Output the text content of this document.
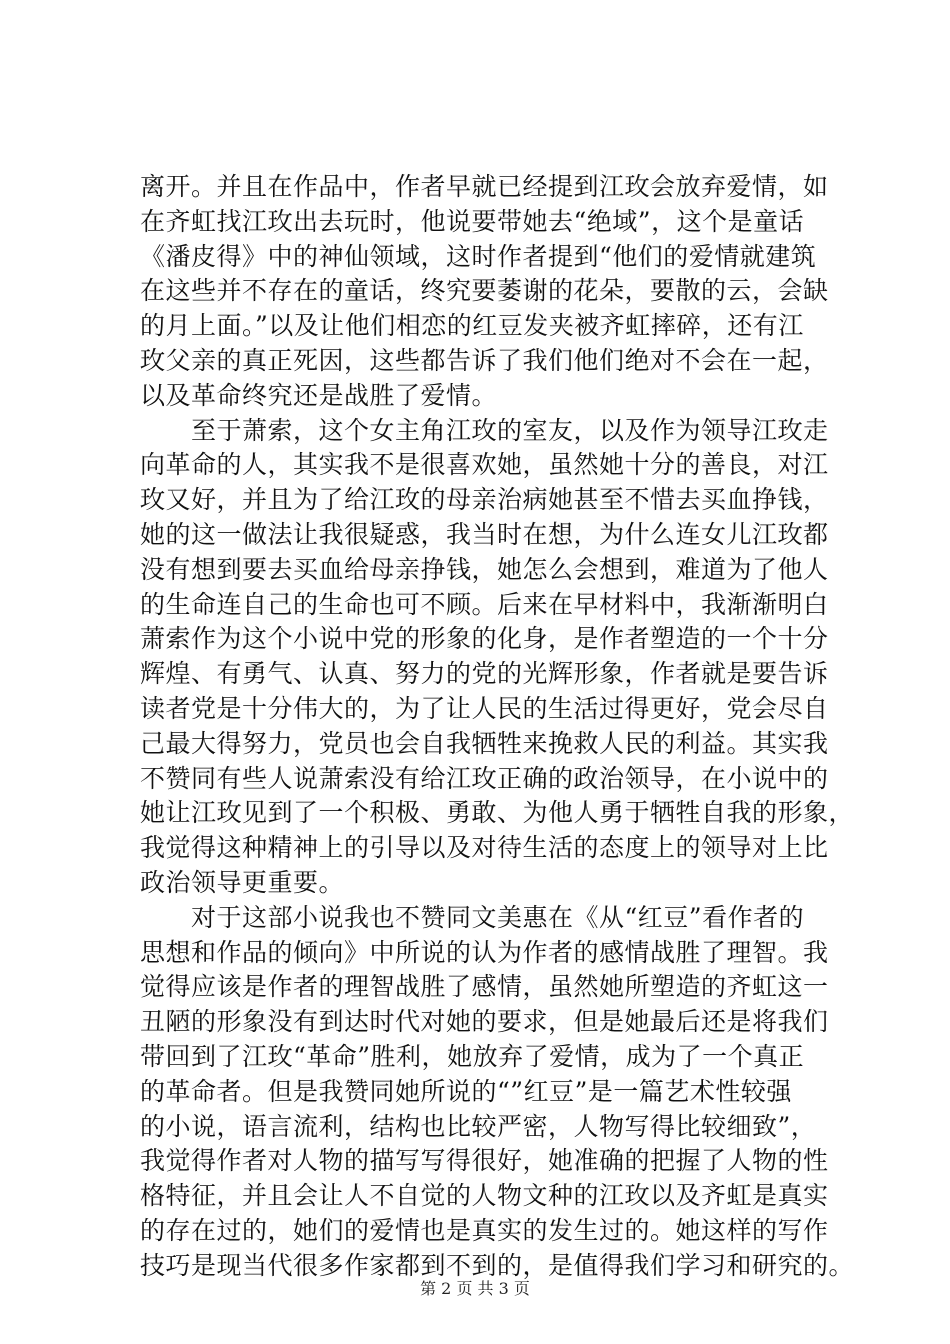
离开。并且在作品中，作者早就已经提到江玫会放弃爱情，如
在齐虹找江玫出去玩时，他说要带她去“绝域”，这个是童话
《潘皮得》中的神仙领域，这时作者提到“他们的爱情就建筑
在这些并不存在的童话，终究要萎谢的花朵，要散的云，会缺
的月上面。”以及让他们相恋的红豆发夹被齐虹摔碎，还有江
玫父亲的真正死因，这些都告诉了我们他们绝对不会在一起，
以及革命终究还是战胜了爱情。
　　至于萧索，这个女主角江玫的室友，以及作为领导江玫走
向革命的人，其实我不是很喜欢她，虽然她十分的善良，对江
玫又好，并且为了给江玫的母亲治病她甚至不惜去买血挣钱，
她的这一做法让我很疑惑，我当时在想，为什么连女儿江玫都
没有想到要去买血给母亲挣钱，她怎么会想到，难道为了他人
的生命连自己的生命也可不顾。后来在早材料中，我渐渐明白
萧索作为这个小说中党的形象的化身，是作者塑造的一个十分
辉煌、有勇气、认真、努力的党的光辉形象，作者就是要告诉
读者党是十分伟大的，为了让人民的生活过得更好，党会尽自
己最大得努力，党员也会自我牺牲来挽救人民的利益。其实我
不赞同有些人说萧索没有给江玫正确的政治领导，在小说中的
她让江玫见到了一个积极、勇敢、为他人勇于牺牲自我的形象，
我觉得这种精神上的引导以及对待生活的态度上的领导对上比
政治领导更重要。
　　对于这部小说我也不赞同文美惠在《从“红豆”看作者的
思想和作品的倾向》中所说的认为作者的感情战胜了理智。我
觉得应该是作者的理智战胜了感情，虽然她所塑造的齐虹这一
丑陋的形象没有到达时代对她的要求，但是她最后还是将我们
带回到了江玫“革命”胜利，她放弃了爱情，成为了一个真正
的革命者。但是我赞同她所说的“”红豆”是一篇艺术性较强
的小说，语言流利，结构也比较严密，人物写得比较细致”，
我觉得作者对人物的描写写得很好，她准确的把握了人物的性
格特征，并且会让人不自觉的人物文种的江玫以及齐虹是真实
的存在过的，她们的爱情也是真实的发生过的。她这样的写作
技巧是现当代很多作家都到不到的，是值得我们学习和研究的。
第 2 页 共 3 页
